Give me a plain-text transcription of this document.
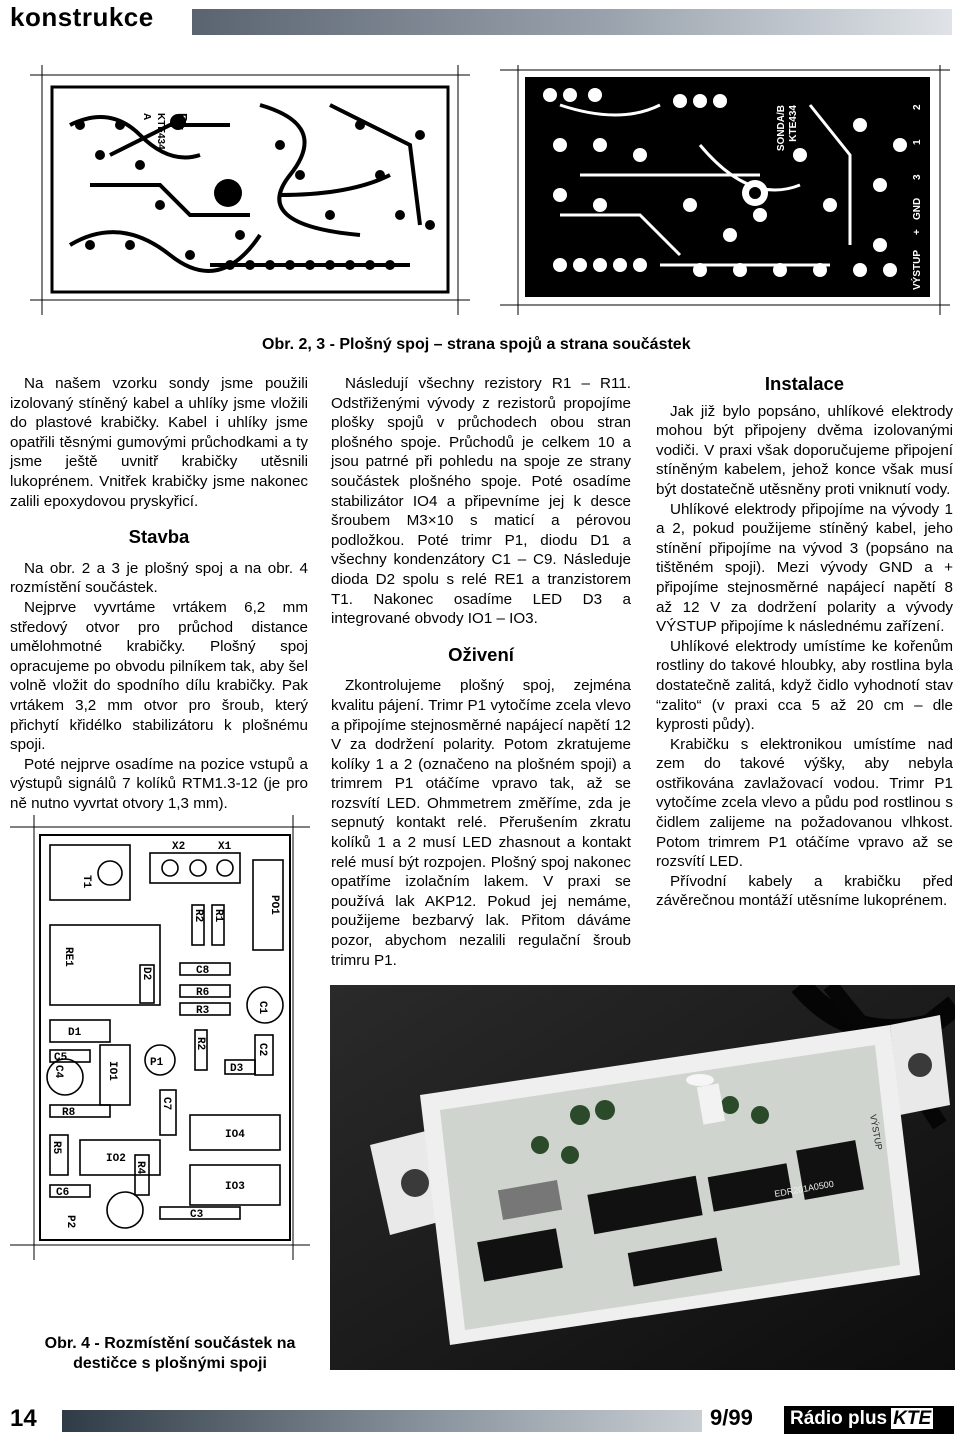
konstrukce
R+
KTE434
A	SONDA/B KTE434
VÝSTUP
+
GND
3
1
2
Obr. 2, 3 - Plošný spoj – strana spojů a strana součástek

Na našem vzorku sondy jsme použili izolovaný stíněný kabel a uhlíky jsme vložili do plastové krabičky. Kabel i uhlíky jsme opatřili těsnými gumovými průchodkami a ty jsme ještě uvnitř krabičky utěsnili lukoprénem. Vnitřek krabičky jsme nakonec zalili epoxydovou pryskyřicí.

Stavba

Na obr. 2 a 3 je plošný spoj a na obr. 4 rozmístění součástek.

Nejprve vyvrtáme vrtákem 6,2 mm středový otvor pro průchod distance umělohmotné krabičky. Plošný spoj opracujeme po obvodu pilníkem tak, aby šel volně vložit do spodního dílu krabičky. Pak vrtákem 3,2 mm otvor pro šroub, který přichytí křidélko stabilizátoru k plošnému spoji.

Poté nejprve osadíme na pozice vstupů a výstupů signálů 7 kolíků RTM1.3-12 (je pro ně nutno vyvrtat otvory 1,3 mm).

Následují všechny rezistory R1 – R11. Odstřiženými vývody z rezistorů propojíme plošky spojů v průchodech obou stran plošného spoje. Průchodů je celkem 10 a jsou patrné při pohledu na spoje ze strany součástek plošného spoje. Poté osadíme stabilizátor IO4 a připevníme jej k desce šroubem M3×10 s maticí a pérovou podložkou. Poté trimr P1, diodu D1 a všechny kondenzátory C1 – C9. Následuje dioda D2 spolu s relé RE1 a tranzistorem T1. Nakonec osadíme LED D3 a integrované obvody IO1 – IO3.

Oživení

Zkontrolujeme plošný spoj, zejména kvalitu pájení. Trimr P1 vytočíme zcela vlevo a připojíme stejnosměrné napájecí napětí 12 V za dodržení polarity. Potom zkratujeme kolíky 1 a 2 (označeno na plošném spoji) a trimrem P1 otáčíme vpravo tak, až se rozsvítí LED. Ohmmetrem změříme, zda je sepnutý kontakt relé. Přerušením zkratu kolíků 1 a 2 musí LED zhasnout a kontakt relé musí být rozpojen. Plošný spoj nakonec opatříme izolačním lakem. V praxi se používá lak AKP12. Pokud jej nemáme, použijeme bezbarvý lak. Přitom dáváme pozor, abychom nezalili regulační šroub trimru P1.

Instalace

Jak již bylo popsáno, uhlíkové elektrody mohou být připojeny dvěma izolovanými vodiči. V praxi však doporučujeme připojení stíněným kabelem, jehož konce však musí být dostatečně utěsněny proti vniknutí vody.

Uhlíkové elektrody připojíme na vývody 1 a 2, pokud použijeme stíněný kabel, jeho stínění připojíme na vývod 3 (popsáno na tištěném spoji). Mezi vývody GND a + připojíme stejnosměrné napájecí napětí 8 až 12 V za dodržení polarity a vývody VÝSTUP připojíme k následnému zařízení.

Uhlíkové elektrody umístíme ke kořenům rostliny do takové hloubky, aby rostlina byla dostatečně zalitá, když čidlo vyhodnotí stav “zalito“ (v praxi cca 5 až 20 cm – dle kyprosti půdy).

Krabičku s elektronikou umístíme nad zem do takové výšky, aby nebyla ostřikována zavlažovací vodou. Trimr P1 vytočíme zcela vlevo a půdu pod rostlinou s čidlem zalijeme na požadovanou vlhkost. Potom trimrem P1 otáčíme vpravo až se rozsvítí LED.

Přívodní kabely a krabičku před závěrečnou montáží utěsníme lukoprénem.

T1
X2	X1
PO1
R2 R1
RE1
D2	C8
R6
R3	C1
D1
C5	P1
R2	C2
C4	IO1	D3
C7
R8
IO4
R5
IO2
R4
IO3
C6
C3
P2
Obr. 4 - Rozmístění součástek na destičce s plošnými spoji
EDR201A0500
VÝSTUP
14	9/99	Rádio plus KTE
